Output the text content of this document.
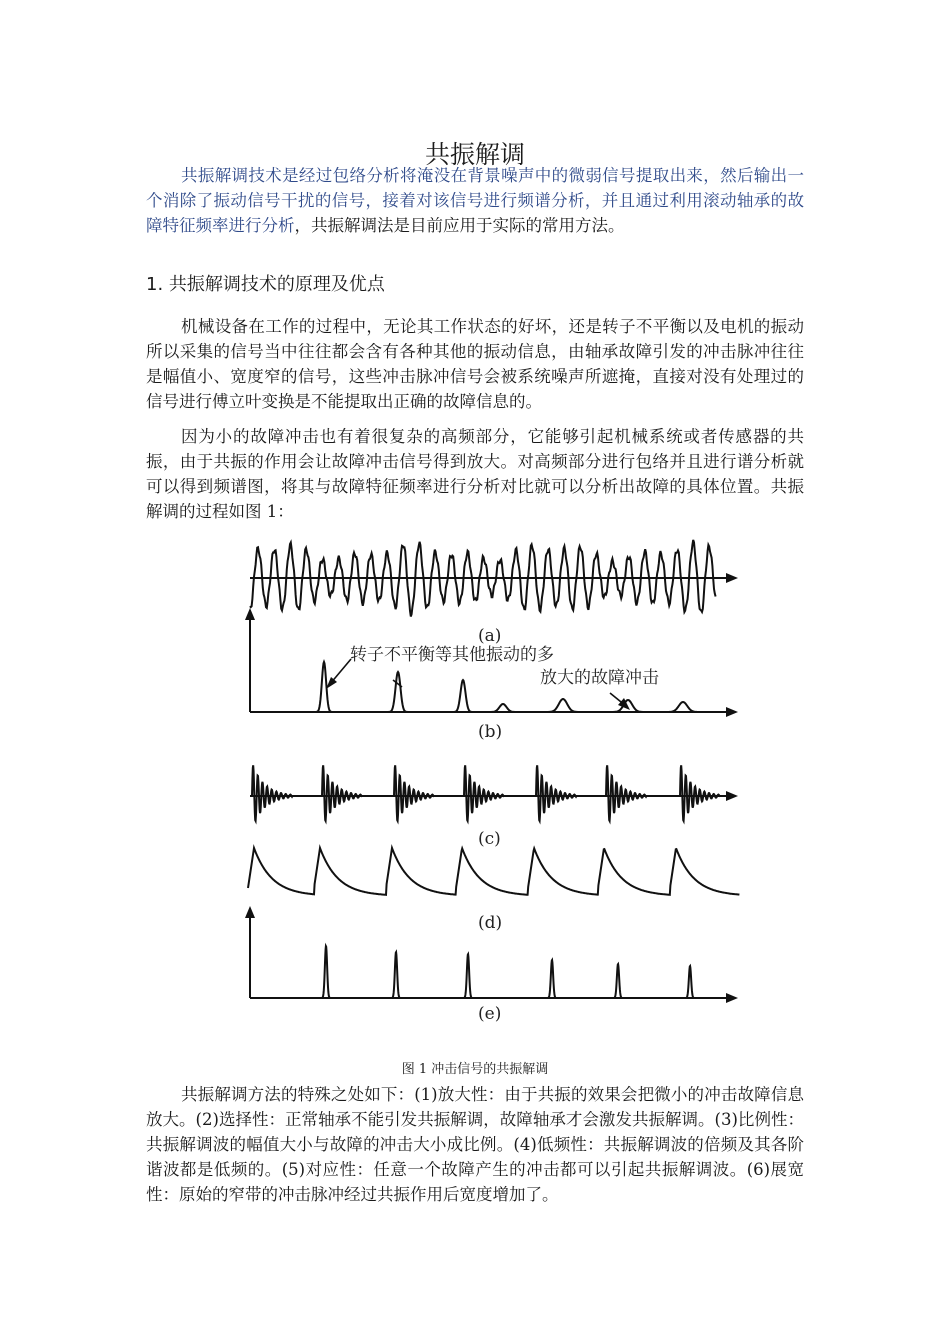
共振解调

共振解调技术是经过包络分析将淹没在背景噪声中的微弱信号提取出来，然后输出一个消除了振动信号干扰的信号，接着对该信号进行频谱分析，并且通过利用滚动轴承的故障特征频率进行分析，共振解调法是目前应用于实际的常用方法。

1. 共振解调技术的原理及优点

机械设备在工作的过程中，无论其工作状态的好坏，还是转子不平衡以及电机的振动所以采集的信号当中往往都会含有各种其他的振动信息，由轴承故障引发的冲击脉冲往往是幅值小、宽度窄的信号，这些冲击脉冲信号会被系统噪声所遮掩，直接对没有处理过的信号进行傅立叶变换是不能提取出正确的故障信息的。

因为小的故障冲击也有着很复杂的高频部分，它能够引起机械系统或者传感器的共振，由于共振的作用会让故障冲击信号得到放大。对高频部分进行包络并且进行谱分析就可以得到频谱图，将其与故障特征频率进行分析对比就可以分析出故障的具体位置。共振解调的过程如图 1：

(a)
(b)
(c)
(d)
(e)
转子不平衡等其他振动的多
放大的故障冲击
图 1 冲击信号的共振解调

共振解调方法的特殊之处如下：(1)放大性：由于共振的效果会把微小的冲击故障信息放大。(2)选择性：正常轴承不能引发共振解调，故障轴承才会激发共振解调。(3)比例性：共振解调波的幅值大小与故障的冲击大小成比例。(4)低频性：共振解调波的倍频及其各阶谐波都是低频的。(5)对应性：任意一个故障产生的冲击都可以引起共振解调波。(6)展宽性：原始的窄带的冲击脉冲经过共振作用后宽度增加了。
